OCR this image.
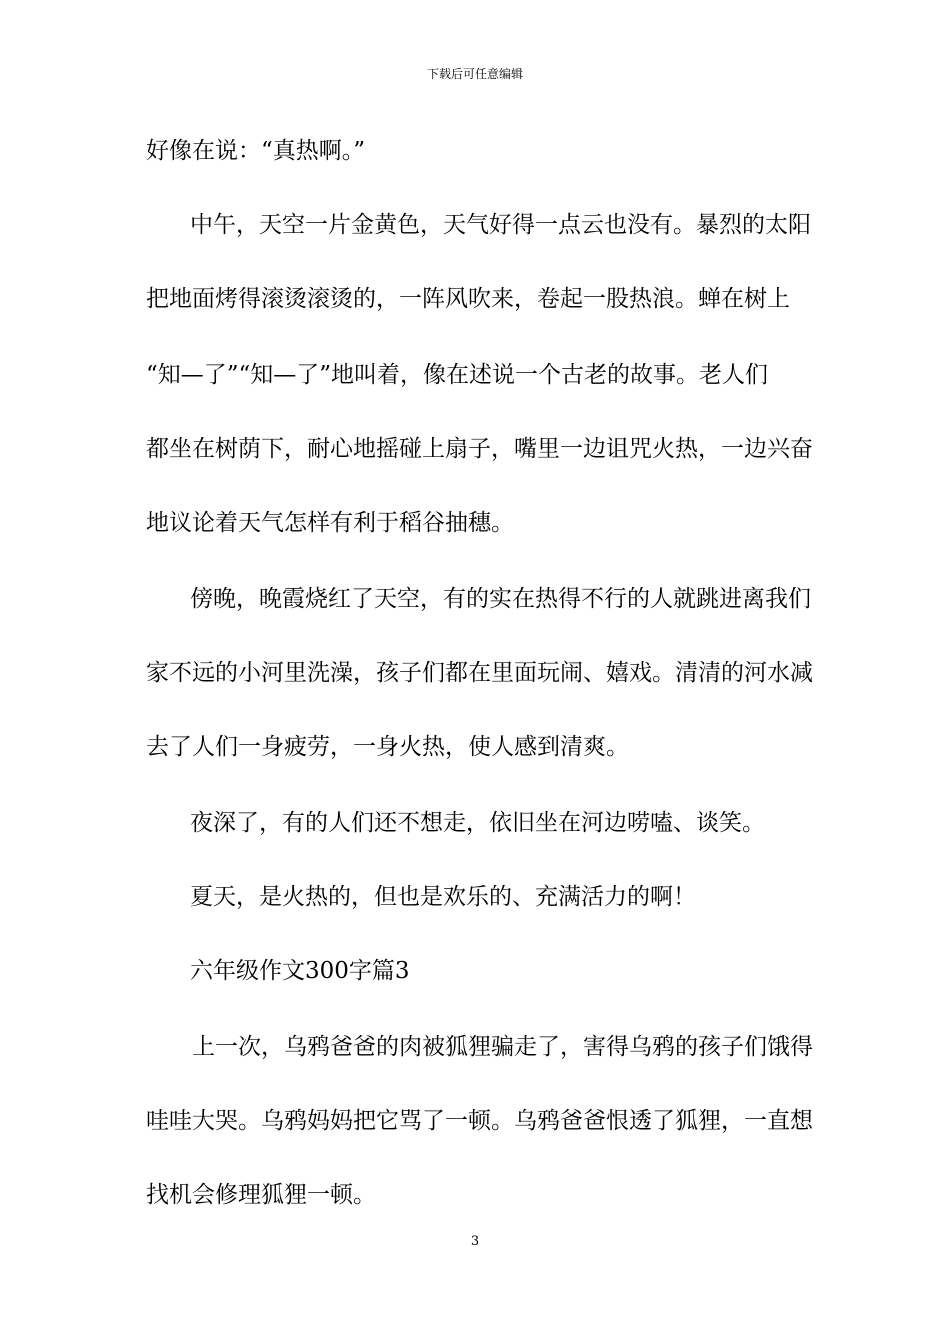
下载后可任意编辑
好像在说：“真热啊。”
中午，天空一片金黄色，天气好得一点云也没有。暴烈的太阳
把地面烤得滚烫滚烫的，一阵风吹来，卷起一股热浪。蝉在树上
“知—了”“知—了”地叫着，像在述说一个古老的故事。老人们
都坐在树荫下，耐心地摇碰上扇子，嘴里一边诅咒火热，一边兴奋
地议论着天气怎样有利于稻谷抽穗。
傍晚，晚霞烧红了天空，有的实在热得不行的人就跳进离我们
家不远的小河里洗澡，孩子们都在里面玩闹、嬉戏。清清的河水减
去了人们一身疲劳，一身火热，使人感到清爽。
夜深了，有的人们还不想走，依旧坐在河边唠嗑、谈笑。
夏天，是火热的，但也是欢乐的、充满活力的啊！
六年级作文300字篇3
上一次，乌鸦爸爸的肉被狐狸骗走了，害得乌鸦的孩子们饿得
哇哇大哭。乌鸦妈妈把它骂了一顿。乌鸦爸爸恨透了狐狸，一直想
找机会修理狐狸一顿。
3
